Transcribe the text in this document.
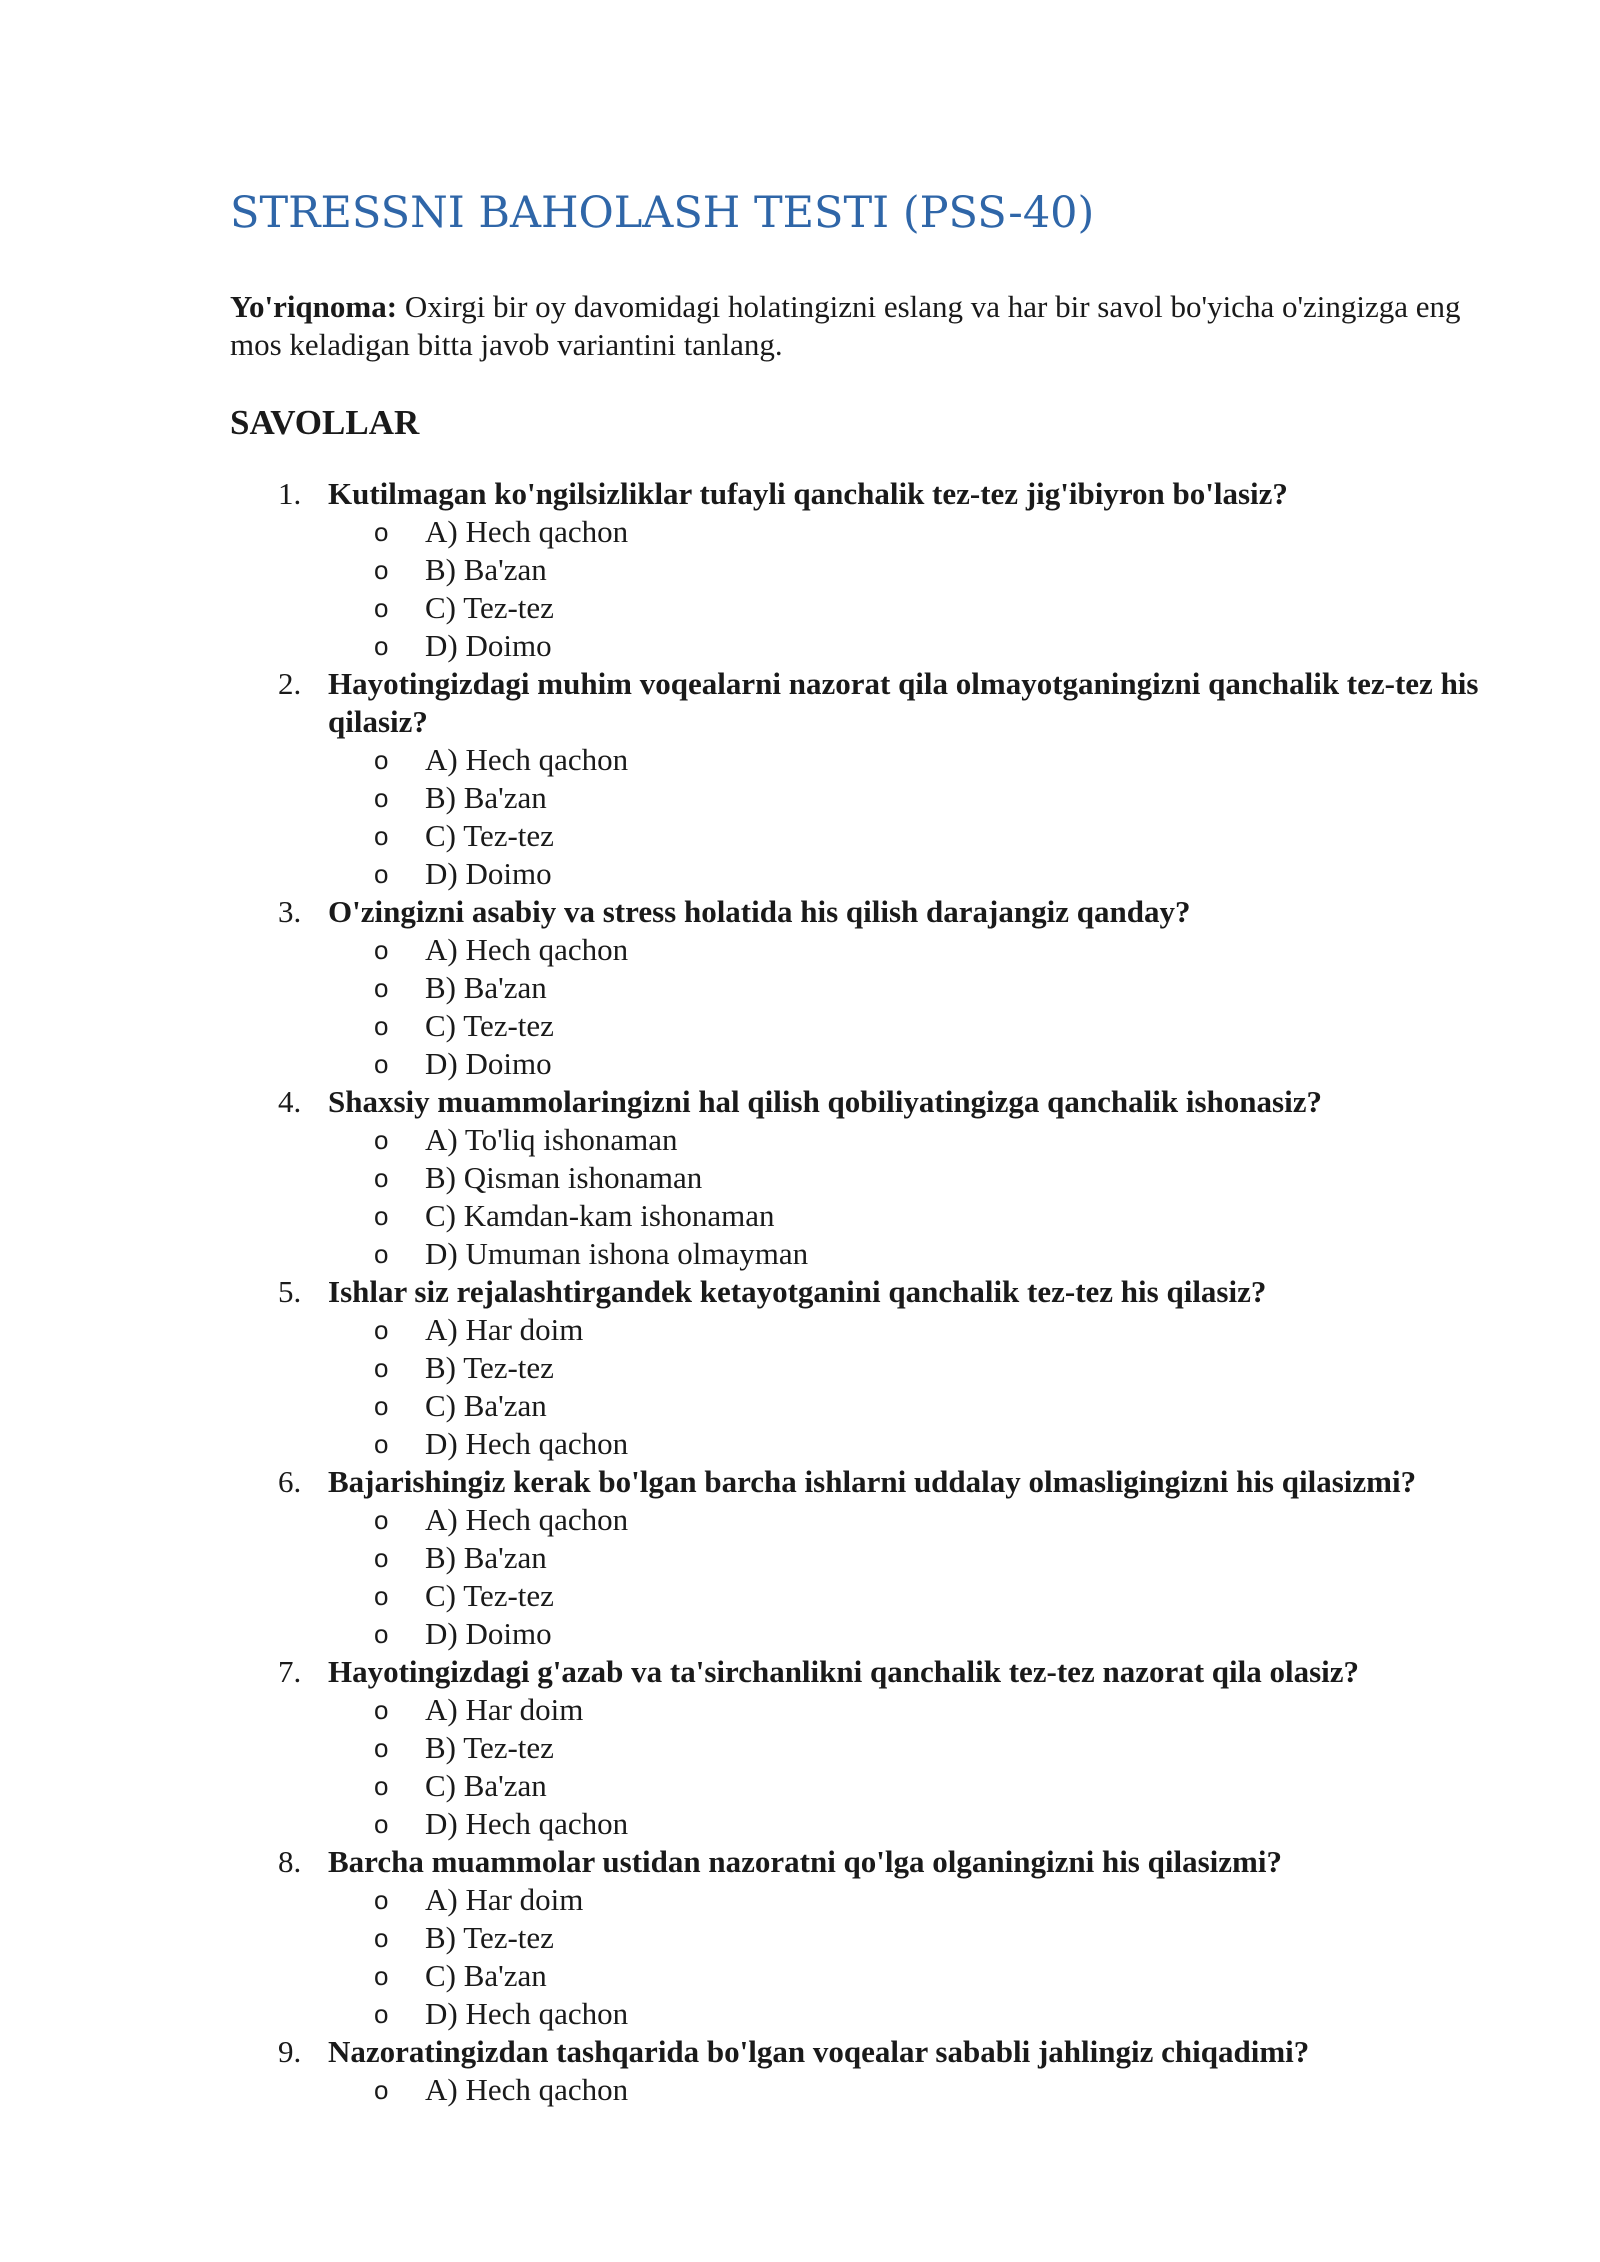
STRESSNI BAHOLASH TESTI (PSS-40)

Yo'riqnoma: Oxirgi bir oy davomidagi holatingizni eslang va har bir savol bo'yicha o'zingizga eng mos keladigan bitta javob variantini tanlang.

SAVOLLAR
1. Kutilmagan ko'ngilsizliklar tufayli qanchalik tez-tez jig'ibiyron bo'lasiz?
o A) Hech qachon
o B) Ba'zan
o C) Tez-tez
o D) Doimo
2. Hayotingizdagi muhim voqealarni nazorat qila olmayotganingizni qanchalik tez-tez his qilasiz?
o A) Hech qachon
o B) Ba'zan
o C) Tez-tez
o D) Doimo
3. O'zingizni asabiy va stress holatida his qilish darajangiz qanday?
o A) Hech qachon
o B) Ba'zan
o C) Tez-tez
o D) Doimo
4. Shaxsiy muammolaringizni hal qilish qobiliyatingizga qanchalik ishonasiz?
o A) To'liq ishonaman
o B) Qisman ishonaman
o C) Kamdan-kam ishonaman
o D) Umuman ishona olmayman
5. Ishlar siz rejalashtirgandek ketayotganini qanchalik tez-tez his qilasiz?
o A) Har doim
o B) Tez-tez
o C) Ba'zan
o D) Hech qachon
6. Bajarishingiz kerak bo'lgan barcha ishlarni uddalay olmasligingizni his qilasizmi?
o A) Hech qachon
o B) Ba'zan
o C) Tez-tez
o D) Doimo
7. Hayotingizdagi g'azab va ta'sirchanlikni qanchalik tez-tez nazorat qila olasiz?
o A) Har doim
o B) Tez-tez
o C) Ba'zan
o D) Hech qachon
8. Barcha muammolar ustidan nazoratni qo'lga olganingizni his qilasizmi?
o A) Har doim
o B) Tez-tez
o C) Ba'zan
o D) Hech qachon
9. Nazoratingizdan tashqarida bo'lgan voqealar sababli jahlingiz chiqadimi?
o A) Hech qachon
